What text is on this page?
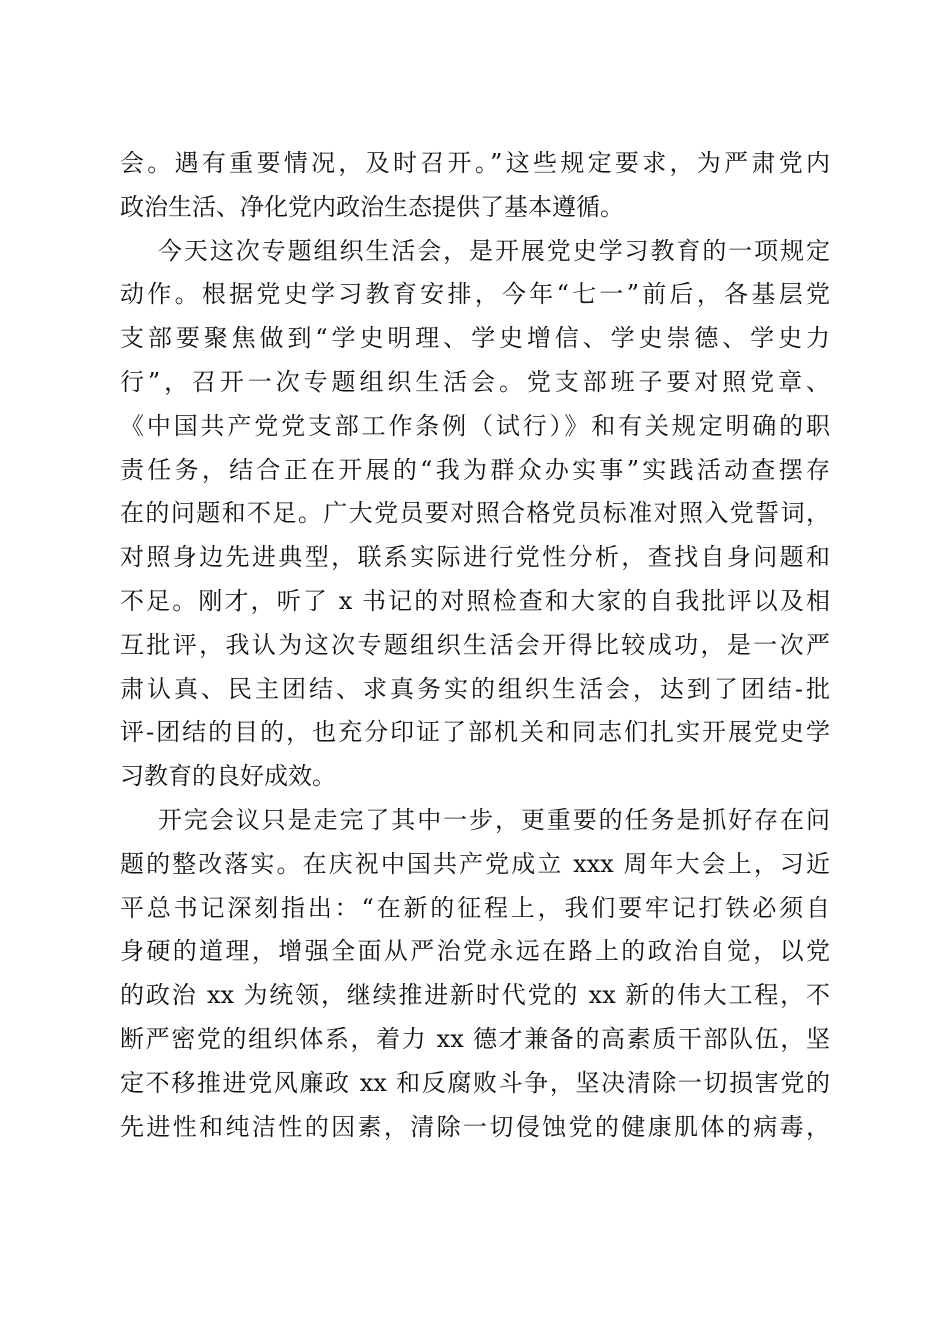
会。遇有重要情况，及时召开。”这些规定要求，为严肃党内
政治生活、净化党内政治生态提供了基本遵循。
今天这次专题组织生活会，是开展党史学习教育的一项规定
动作。根据党史学习教育安排，今年“七一”前后，各基层党
支部要聚焦做到“学史明理、学史增信、学史崇德、学史力
行”，召开一次专题组织生活会。党支部班子要对照党章、
《中国共产党党支部工作条例（试行）》和有关规定明确的职
责任务，结合正在开展的“我为群众办实事”实践活动查摆存
在的问题和不足。广大党员要对照合格党员标准对照入党誓词，
对照身边先进典型，联系实际进行党性分析，查找自身问题和
不足。刚才，听了 x 书记的对照检查和大家的自我批评以及相
互批评，我认为这次专题组织生活会开得比较成功，是一次严
肃认真、民主团结、求真务实的组织生活会，达到了团结-批
评-团结的目的，也充分印证了部机关和同志们扎实开展党史学
习教育的良好成效。
开完会议只是走完了其中一步，更重要的任务是抓好存在问
题的整改落实。在庆祝中国共产党成立 xxx 周年大会上，习近
平总书记深刻指出：“在新的征程上，我们要牢记打铁必须自
身硬的道理，增强全面从严治党永远在路上的政治自觉，以党
的政治 xx 为统领，继续推进新时代党的 xx 新的伟大工程，不
断严密党的组织体系，着力 xx 德才兼备的高素质干部队伍，坚
定不移推进党风廉政 xx 和反腐败斗争，坚决清除一切损害党的
先进性和纯洁性的因素，清除一切侵蚀党的健康肌体的病毒，
